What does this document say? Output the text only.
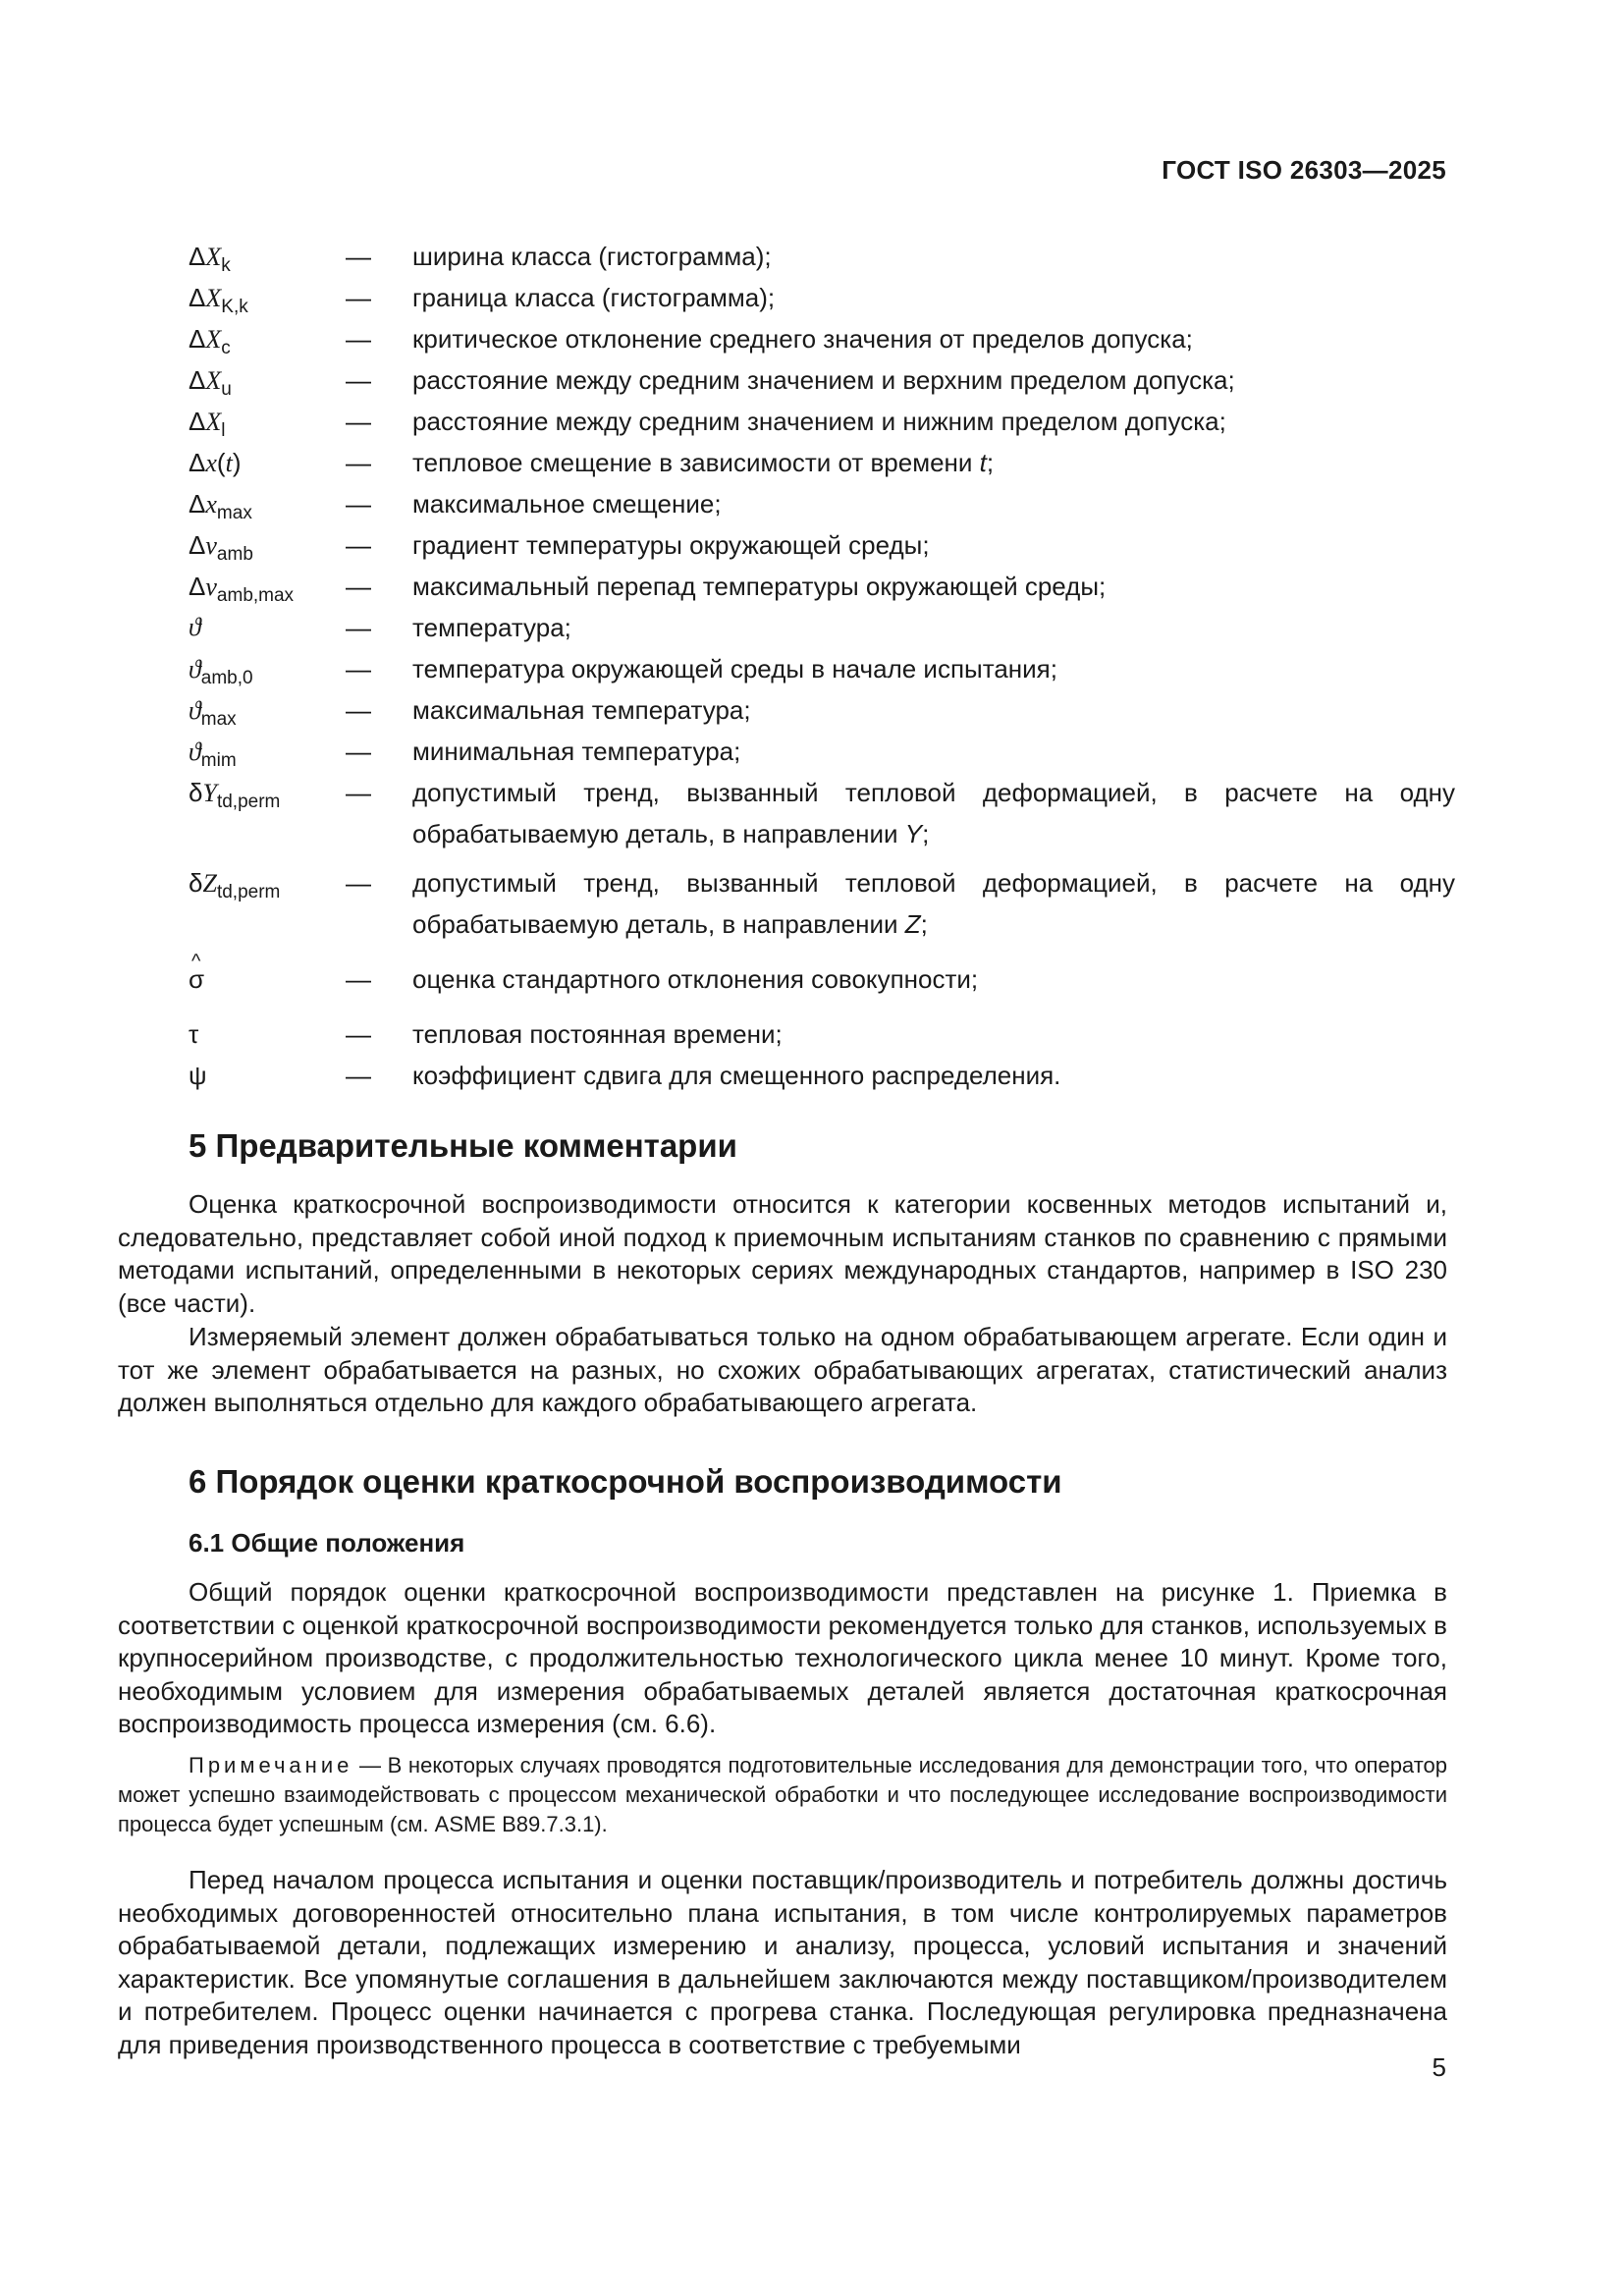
ГОСТ ISO 26303—2025
$\Delta X_k$	— ширина класса (гистограмма);
$\Delta X_{K,k}$	— граница класса (гистограмма);
$\Delta X_c$	— критическое отклонение среднего значения от пределов допуска;
$\Delta X_u$	— расстояние между средним значением и верхним пределом допуска;
$\Delta X_l$	— расстояние между средним значением и нижним пределом допуска;
Δx(t)	— тепловое смещение в зависимости от времени t;
$\Delta x_{max}$	— максимальное смещение;
$\Delta v_{amb}$	— градиент температуры окружающей среды;
$\Delta v_{amb,max}$	— максимальный перепад температуры окружающей среды;
ϑ	— температура;
$ϑ_{amb,0}$	— температура окружающей среды в начале испытания;
$ϑ_{max}$	— максимальная температура;
$ϑ_{mim}$	— минимальная температура;
$\delta Y_{td,perm}$	— допустимый тренд, вызванный тепловой деформацией, в расчете на одну обрабатываемую деталь, в направлении Y;
$\delta Z_{td,perm}$	— допустимый тренд, вызванный тепловой деформацией, в расчете на одну обрабатываемую деталь, в направлении Z;
^ σ	— оценка стандартного отклонения совокупности;
τ	— тепловая постоянная времени;
ψ	— коэффициент сдвига для смещенного распределения.
5 Предварительные комментарии
Оценка краткосрочной воспроизводимости относится к категории косвенных методов испытаний и, следовательно, представляет собой иной подход к приемочным испытаниям станков по сравнению с прямыми методами испытаний, определенными в некоторых сериях международных стандартов, например в ISO 230 (все части).
Измеряемый элемент должен обрабатываться только на одном обрабатывающем агрегате. Если один и тот же элемент обрабатывается на разных, но схожих обрабатывающих агрегатах, статистический анализ должен выполняться отдельно для каждого обрабатывающего агрегата.
6 Порядок оценки краткосрочной воспроизводимости
6.1 Общие положения
Общий порядок оценки краткосрочной воспроизводимости представлен на рисунке 1. Приемка в соответствии с оценкой краткосрочной воспроизводимости рекомендуется только для станков, используемых в крупносерийном производстве, с продолжительностью технологического цикла менее 10 минут. Кроме того, необходимым условием для измерения обрабатываемых деталей является достаточная краткосрочная воспроизводимость процесса измерения (см. 6.6).
Примечание — В некоторых случаях проводятся подготовительные исследования для демонстрации того, что оператор может успешно взаимодействовать с процессом механической обработки и что последующее исследование воспроизводимости процесса будет успешным (см. ASME B89.7.3.1).
Перед началом процесса испытания и оценки поставщик/производитель и потребитель должны достичь необходимых договоренностей относительно плана испытания, в том числе контролируемых параметров обрабатываемой детали, подлежащих измерению и анализу, процесса, условий испытания и значений характеристик. Все упомянутые соглашения в дальнейшем заключаются между поставщиком/производителем и потребителем. Процесс оценки начинается с прогрева станка. Последующая регулировка предназначена для приведения производственного процесса в соответствие с требуемыми
5
